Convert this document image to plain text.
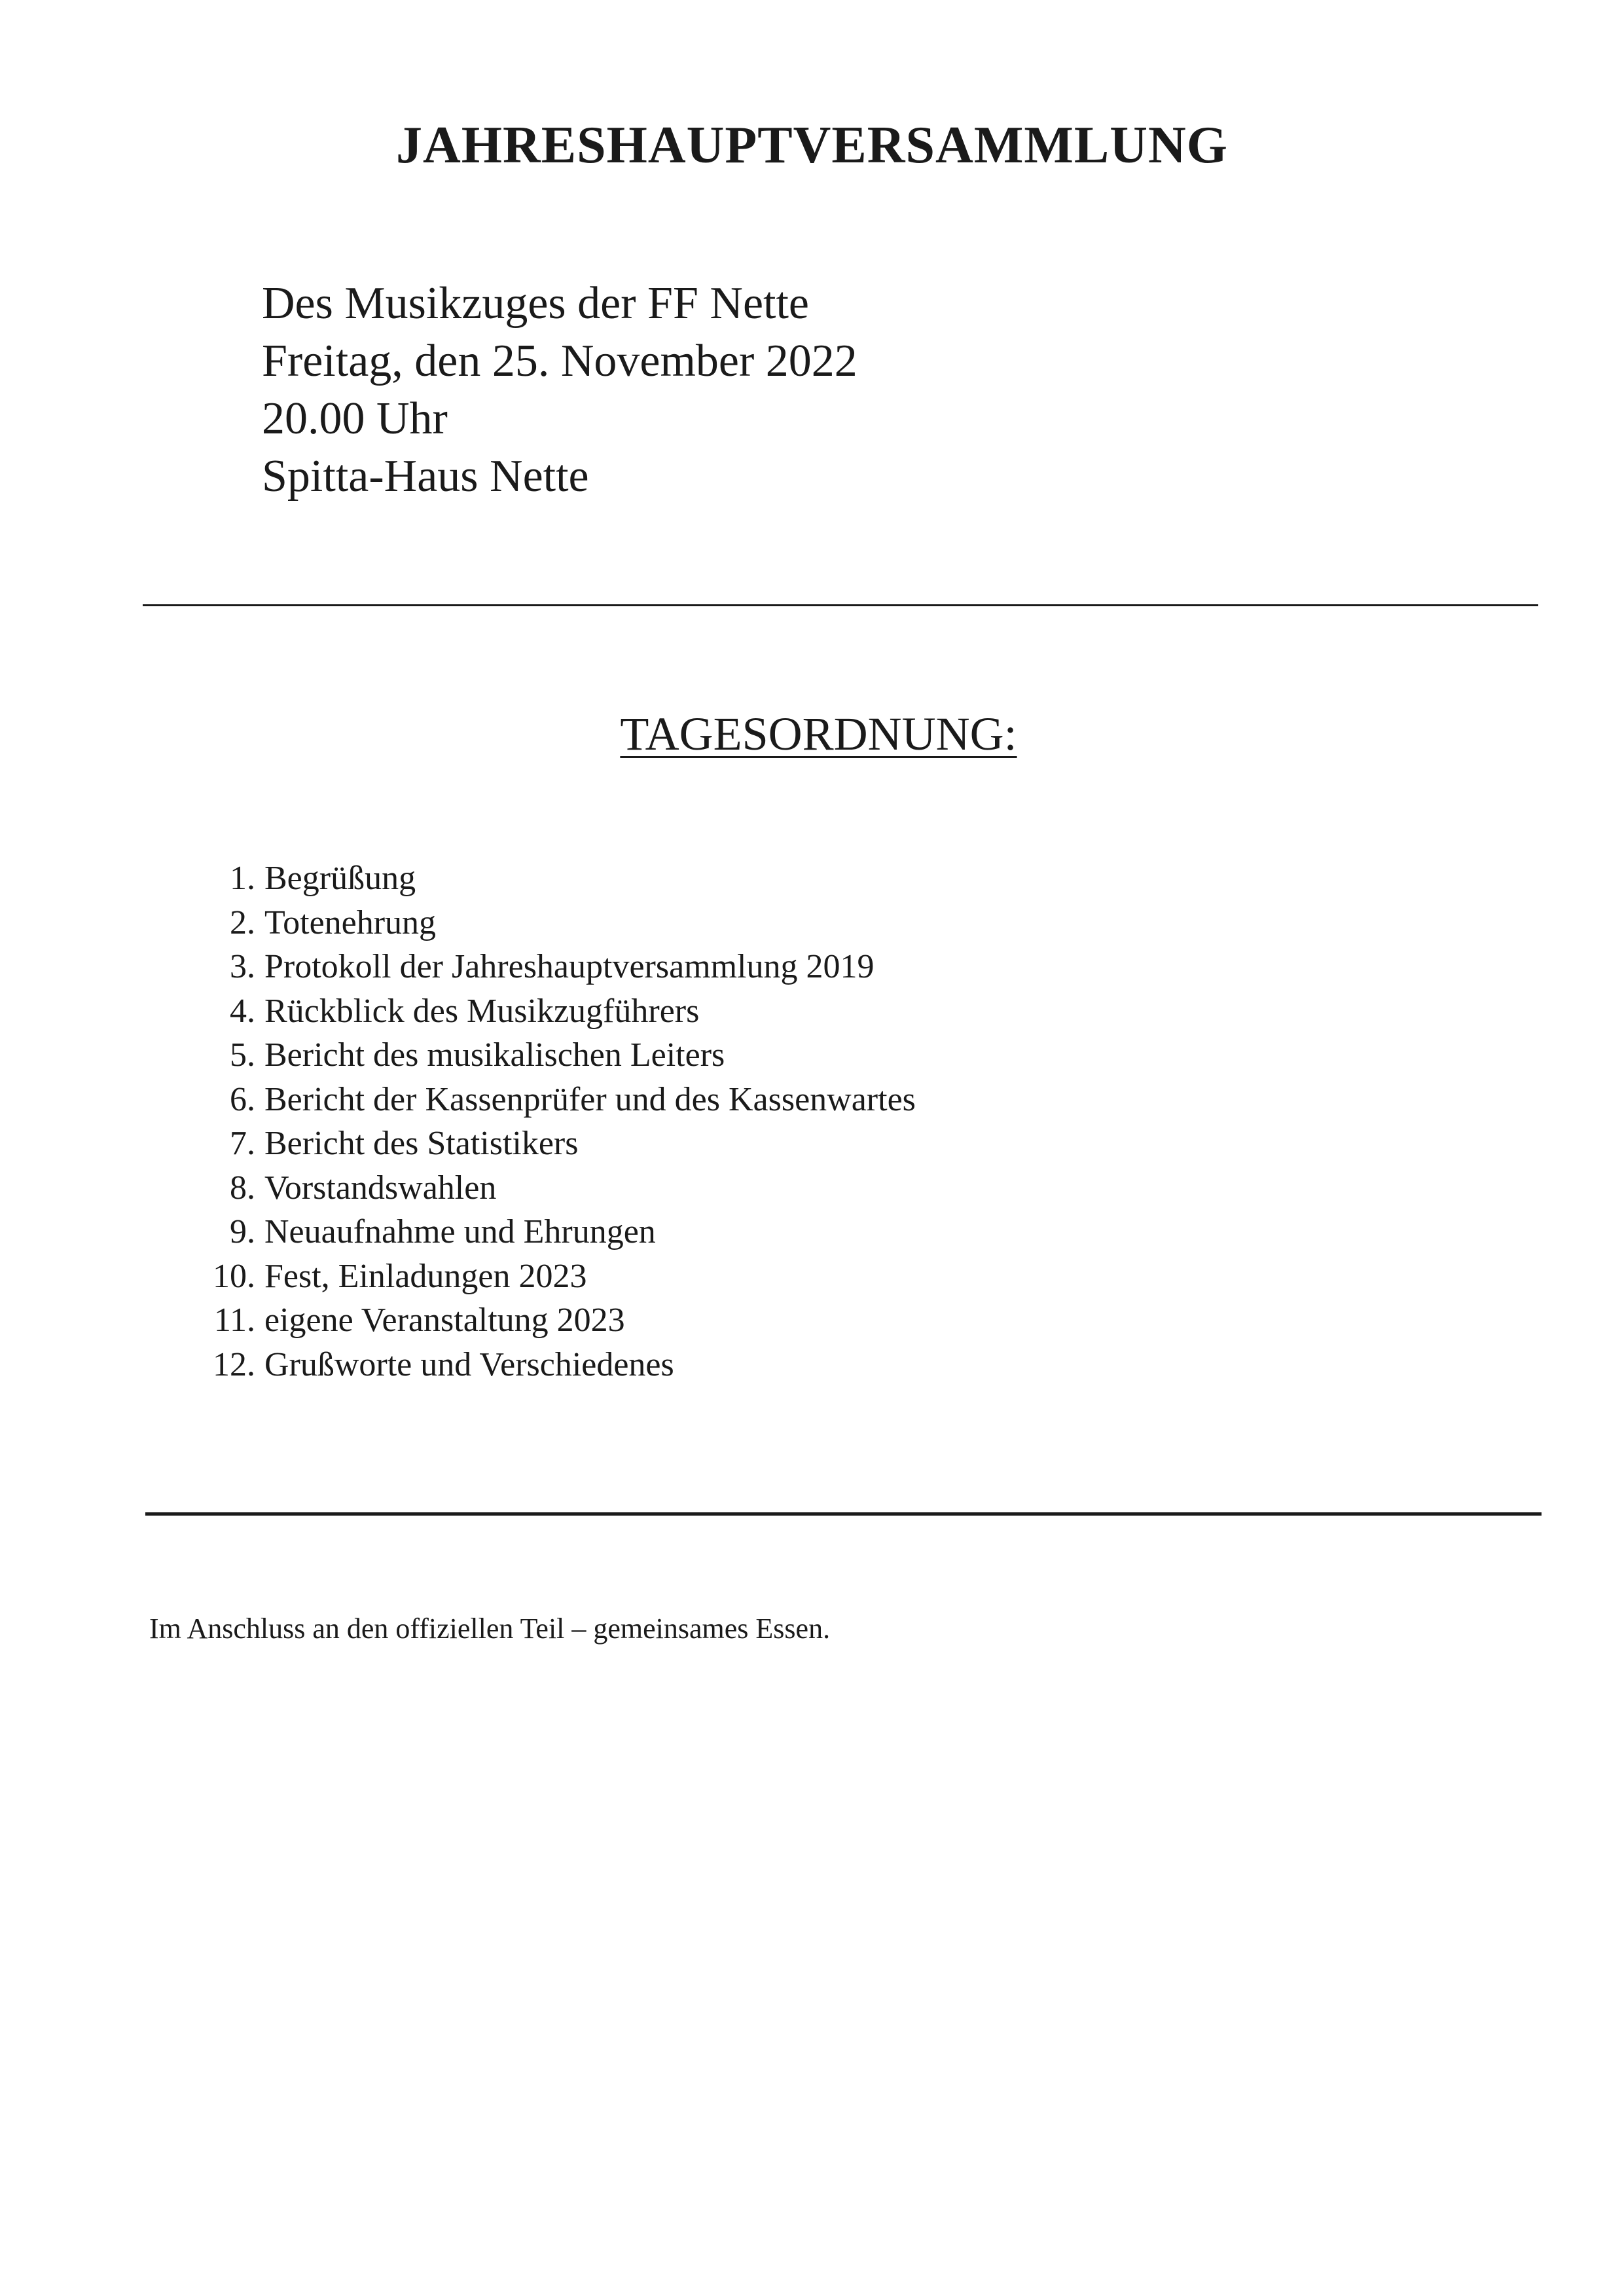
JAHRESHAUPTVERSAMMLUNG
Des Musikzuges der FF Nette
Freitag, den 25. November 2022
20.00 Uhr
Spitta-Haus Nette
TAGESORDNUNG:
1. Begrüßung
2. Totenehrung
3. Protokoll der Jahreshauptversammlung 2019
4. Rückblick des Musikzugführers
5. Bericht des musikalischen Leiters
6. Bericht der Kassenprüfer und des Kassenwartes
7. Bericht des Statistikers
8. Vorstandswahlen
9. Neuaufnahme und Ehrungen
10. Fest, Einladungen 2023
11. eigene Veranstaltung 2023
12. Grußworte und Verschiedenes
Im Anschluss an den offiziellen Teil – gemeinsames Essen.
